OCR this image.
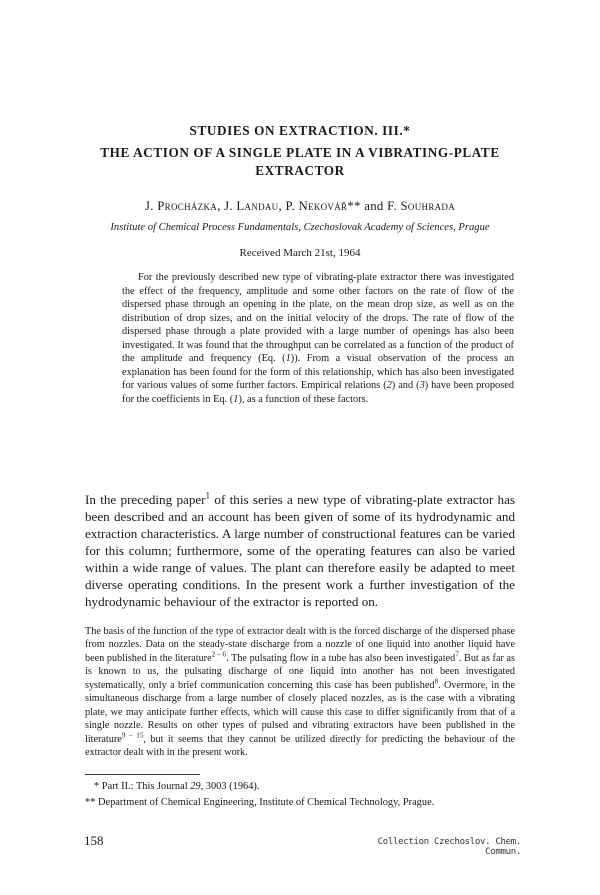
STUDIES ON EXTRACTION. III.*
THE ACTION OF A SINGLE PLATE IN A VIBRATING-PLATE
EXTRACTOR

J. Procházka, J. Landau, P. Nekovář** and F. Souhrada

Institute of Chemical Process Fundamentals, Czechoslovak Academy of Sciences, Prague

Received March 21st, 1964

For the previously described new type of vibrating-plate extractor there was investigated the effect of the frequency, amplitude and some other factors on the rate of flow of the dispersed phase through an opening in the plate, on the mean drop size, as well as on the distribution of drop sizes, and on the initial velocity of the drops. The rate of flow of the dispersed phase through a plate provided with a large number of openings has also been investigated. It was found that the throughput can be correlated as a function of the product of the amplitude and frequency (Eq. (1)). From a visual observation of the process an explanation has been found for the form of this relationship, which has also been investigated for various values of some further factors. Empirical relations (2) and (3) have been proposed for the coefficients in Eq. (1), as a function of these factors.

In the preceding paper$^1$ of this series a new type of vibrating-plate extractor has been described and an account has been given of some of its hydrodynamic and extraction characteristics. A large number of constructional features can be varied for this column; furthermore, some of the operating features can also be varied within a wide range of values. The plant can therefore easily be adapted to meet diverse operating conditions. In the present work a further investigation of the hydrodynamic behaviour of the extractor is reported on.

The basis of the function of the type of extractor dealt with is the forced discharge of the dispersed phase from nozzles. Data on the steady-state discharge from a nozzle of one liquid into another liquid have been published in the literature$^{2 - 6}$. The pulsating flow in a tube has also been investigated$^7$. But as far as is known to us, the pulsating discharge of one liquid into another has not been investigated systematically, only a brief communication concerning this case has been published$^8$. Overmore, in the simultaneous discharge from a large number of closely placed nozzles, as is the case with a vibrating plate, we may anticipate further effects, which will cause this case to differ significantly from that of a single nozzle. Results on other types of pulsed and vibrating extractors have been published in the literature$^{9 - 15}$, but it seems that they cannot be utilized directly for predicting the behaviour of the extractor dealt with in the present work.

* Part II.: This Journal 29, 3003 (1964).

** Department of Chemical Engineering, Institute of Chemical Technology, Prague.

158	Collection Czechoslov. Chem. Commun.
